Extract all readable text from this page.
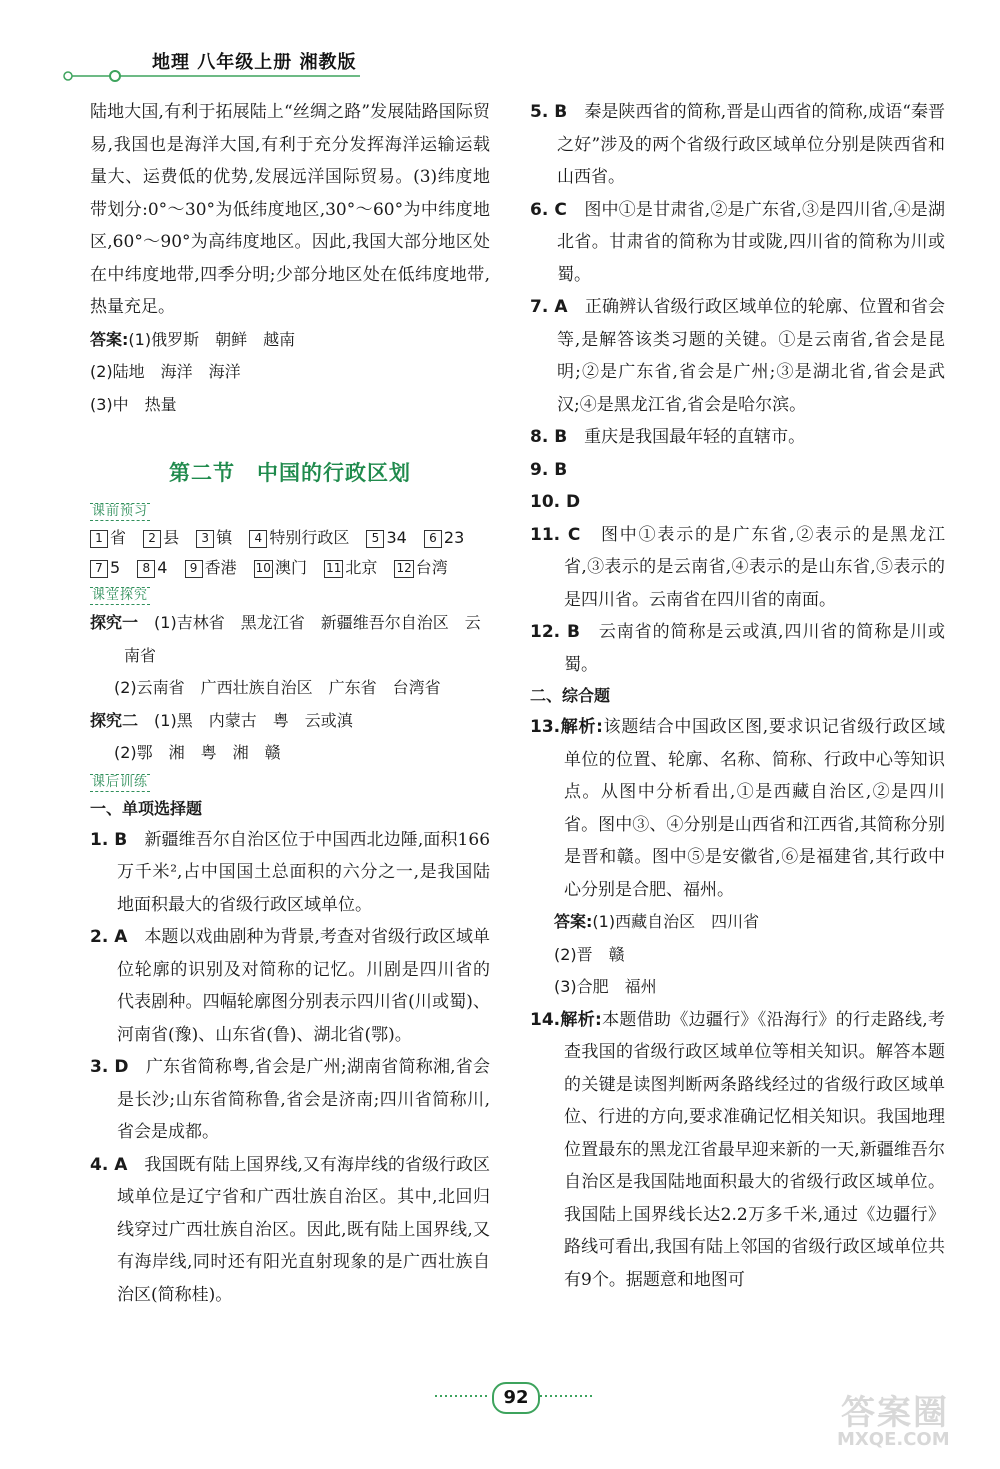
地理 八年级上册 湘教版

陆地大国,有利于拓展陆上“丝绸之路”发展陆路国际贸易,我国也是海洋大国,有利于充分发挥海洋运输运载量大、运费低的优势,发展远洋国际贸易。(3)纬度地带划分:0°～30°为低纬度地区,30°～60°为中纬度地区,60°～90°为高纬度地区。因此,我国大部分地区处在中纬度地带,四季分明;少部分地区处在低纬度地带,热量充足。

答案:(1)俄罗斯　朝鲜　越南
(2)陆地　海洋　海洋
(3)中　热量
第二节　中国的行政区划
课前预习
1 省 2 县 3 镇 4 特别行政区 5 34 6 23
7 5 8 4 9 香港 10 澳门 11 北京 12 台湾
课堂探究
探究一　 (1)吉林省　黑龙江省　新疆维吾尔自治区　云南省
(2)云南省　广西壮族自治区　广东省　台湾省
探究二　 (1)黑　内蒙古　粤　云或滇
(2)鄂　湘　粤　湘　赣
课后训练
一、单项选择题

1. B　 新疆维吾尔自治区位于中国西北边陲,面积166万千米²,占中国国土总面积的六分之一,是我国陆地面积最大的省级行政区域单位。

2. A　 本题以戏曲剧种为背景,考查对省级行政区域单位轮廓的识别及对简称的记忆。川剧是四川省的代表剧种。四幅轮廓图分别表示四川省(川或蜀)、河南省(豫)、山东省(鲁)、湖北省(鄂)。

3. D　 广东省简称粤,省会是广州;湖南省简称湘,省会是长沙;山东省简称鲁,省会是济南;四川省简称川,省会是成都。

4. A　 我国既有陆上国界线,又有海岸线的省级行政区域单位是辽宁省和广西壮族自治区。其中,北回归线穿过广西壮族自治区。因此,既有陆上国界线,又有海岸线,同时还有阳光直射现象的是广西壮族自治区(简称桂)。

5. B　 秦是陕西省的简称,晋是山西省的简称,成语“秦晋之好”涉及的两个省级行政区域单位分别是陕西省和山西省。

6. C　 图中①是甘肃省,②是广东省,③是四川省,④是湖北省。甘肃省的简称为甘或陇,四川省的简称为川或蜀。

7. A　 正确辨认省级行政区域单位的轮廓、位置和省会等,是解答该类习题的关键。①是云南省,省会是昆明;②是广东省,省会是广州;③是湖北省,省会是武汉;④是黑龙江省,省会是哈尔滨。

8. B　 重庆是我国最年轻的直辖市。

9. B

10. D

11. C　 图中①表示的是广东省,②表示的是黑龙江省,③表示的是云南省,④表示的是山东省,⑤表示的是四川省。云南省在四川省的南面。

12. B　 云南省的简称是云或滇,四川省的简称是川或蜀。

二、综合题

13.解析:该题结合中国政区图,要求识记省级行政区域单位的位置、轮廓、名称、简称、行政中心等知识点。从图中分析看出,①是西藏自治区,②是四川省。图中③、④分别是山西省和江西省,其简称分别是晋和赣。图中⑤是安徽省,⑥是福建省,其行政中心分别是合肥、福州。

答案:(1)西藏自治区　四川省
(2)晋　赣
(3)合肥　福州

14.解析:本题借助《边疆行》《沿海行》的行走路线,考查我国的省级行政区域单位等相关知识。解答本题的关键是读图判断两条路线经过的省级行政区域单位、行进的方向,要求准确记忆相关知识。我国地理位置最东的黑龙江省最早迎来新的一天,新疆维吾尔自治区是我国陆地面积最大的省级行政区域单位。我国陆上国界线长达2.2万多千米,通过《边疆行》路线可看出,我国有陆上邻国的省级行政区域单位共有9个。据题意和地图可

92	答案圈
MXQE.COM
